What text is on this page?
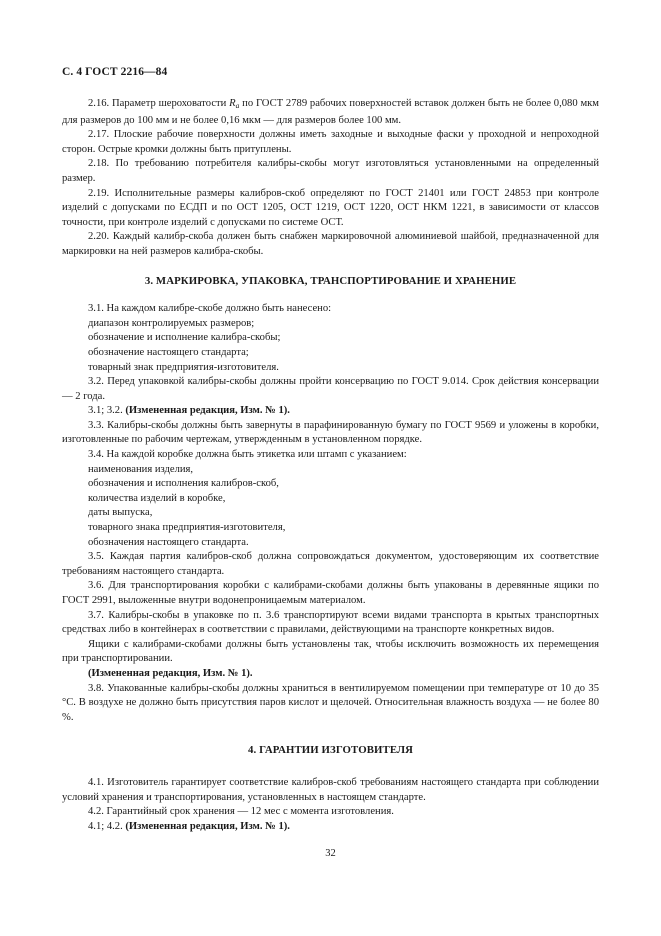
С. 4 ГОСТ 2216—84

2.16. Параметр шероховатости $R_a$ по ГОСТ 2789 рабочих поверхностей вставок должен быть не более 0,080 мкм для размеров до 100 мм и не более 0,16 мкм — для размеров более 100 мм.

2.17. Плоские рабочие поверхности должны иметь заходные и выходные фаски у проходной и непроходной сторон. Острые кромки должны быть притуплены.

2.18. По требованию потребителя калибры-скобы могут изготовляться установленными на определенный размер.

2.19. Исполнительные размеры калибров-скоб определяют по ГОСТ 21401 или ГОСТ 24853 при контроле изделий с допусками по ЕСДП и по ОСТ 1205, ОСТ 1219, ОСТ 1220, ОСТ НКМ 1221, в зависимости от классов точности, при контроле изделий с допусками по системе ОСТ.

2.20. Каждый калибр-скоба должен быть снабжен маркировочной алюминиевой шайбой, предназначенной для маркировки на ней размеров калибра-скобы.

3. МАРКИРОВКА, УПАКОВКА, ТРАНСПОРТИРОВАНИЕ И ХРАНЕНИЕ

3.1. На каждом калибре-скобе должно быть нанесено:

диапазон контролируемых размеров;

обозначение и исполнение калибра-скобы;

обозначение настоящего стандарта;

товарный знак предприятия-изготовителя.

3.2. Перед упаковкой калибры-скобы должны пройти консервацию по ГОСТ 9.014. Срок действия консервации — 2 года.

3.1; 3.2. (Измененная редакция, Изм. № 1).

3.3. Калибры-скобы должны быть завернуты в парафинированную бумагу по ГОСТ 9569 и уложены в коробки, изготовленные по рабочим чертежам, утвержденным в установленном порядке.

3.4. На каждой коробке должна быть этикетка или штамп с указанием:

наименования изделия,

обозначения и исполнения калибров-скоб,

количества изделий в коробке,

даты выпуска,

товарного знака предприятия-изготовителя,

обозначения настоящего стандарта.

3.5. Каждая партия калибров-скоб должна сопровождаться документом, удостоверяющим их соответствие требованиям настоящего стандарта.

3.6. Для транспортирования коробки с калибрами-скобами должны быть упакованы в деревянные ящики по ГОСТ 2991, выложенные внутри водонепроницаемым материалом.

3.7. Калибры-скобы в упаковке по п. 3.6 транспортируют всеми видами транспорта в крытых транспортных средствах либо в контейнерах в соответствии с правилами, действующими на транспорте конкретных видов.

Ящики с калибрами-скобами должны быть установлены так, чтобы исключить возможность их перемещения при транспортировании.

(Измененная редакция, Изм. № 1).

3.8. Упакованные калибры-скобы должны храниться в вентилируемом помещении при температуре от 10 до 35 °С. В воздухе не должно быть присутствия паров кислот и щелочей. Относительная влажность воздуха — не более 80 %.

4. ГАРАНТИИ ИЗГОТОВИТЕЛЯ

4.1. Изготовитель гарантирует соответствие калибров-скоб требованиям настоящего стандарта при соблюдении условий хранения и транспортирования, установленных в настоящем стандарте.

4.2. Гарантийный срок хранения — 12 мес с момента изготовления.

4.1; 4.2. (Измененная редакция, Изм. № 1).

32
